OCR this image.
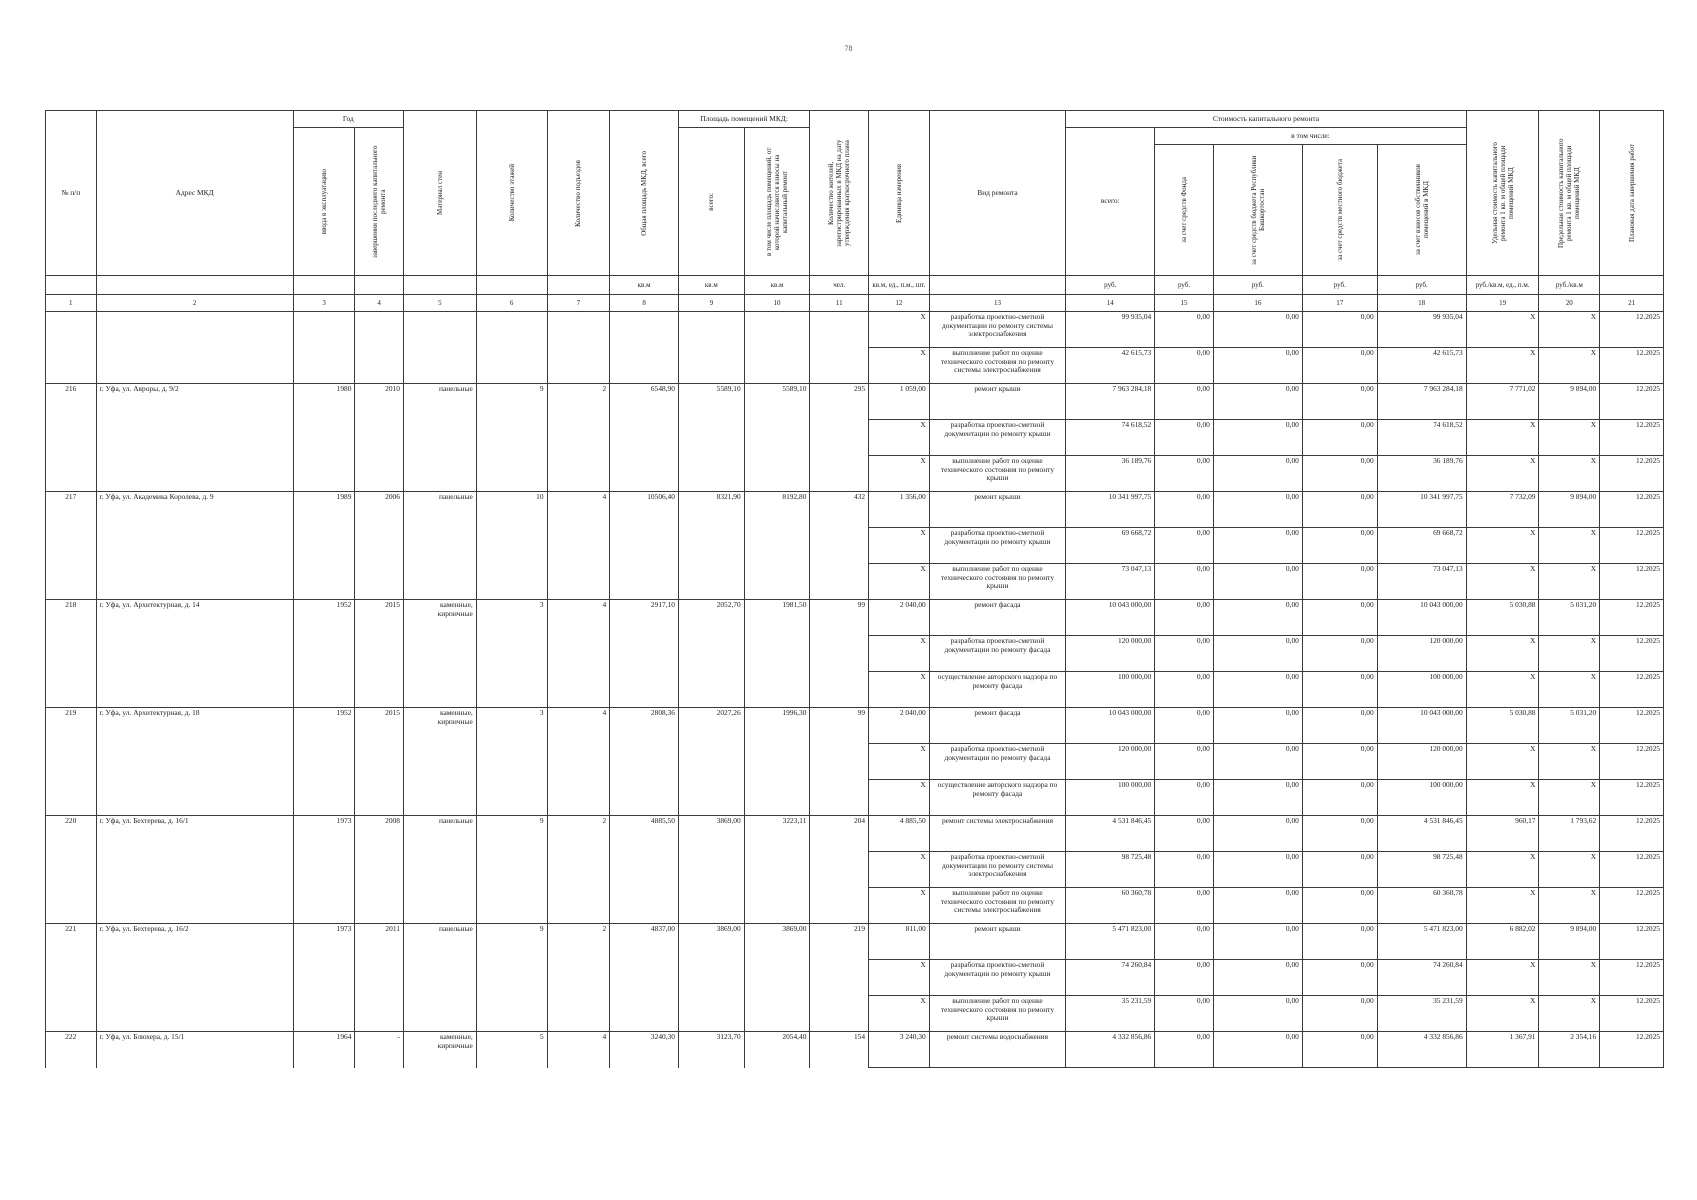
78
№ п/п	Адрес МКД	Год		Материал стен	Количество этажей	Количество подъездов	Общая площадь МКД, всего	Площадь помещений МКД:		Количество жителей, зарегистрированных в МКД на дату утверждения краткосрочного плана	Единица измерения	Вид ремонта	Стоимость капитального ремонта					Удельная стоимость капитального ремонта 1 кв. м общей площади помещений МКД	Предельная стоимость капитального ремонта 1 кв. м общей площади помещений МКД	Плановая дата завершения работ

		ввода в эксплуатацию	завершения последнего капитального ремонта					всего:	в том числе площадь помещений, от которой начисляются взносы на капитальный ремонт				всего:	в том числе:						

														за счет средств Фонда	за счет средств бюджета Республики Башкортостан	за счет средств местного бюджета	за счет взносов собственников помещений в МКД			

							кв.м	кв.м	кв.м	чел.	кв.м, ед., п.м., шт.		руб.	руб.	руб.	руб.	руб.	руб./кв.м, ед., п.м.	руб./кв.м	
1	2	3	4	5	6	7	8	9	10	11	12	13	14	15	16	17	18	19	20	21
											X	разработка проектно-сметной документации по ремонту системы электроснабжения	99 935,04	0,00	0,00	0,00	99 935,04	X	X	12.2025
											X	выполнение работ по оценке технического состояния по ремонту системы электроснабжения	42 615,73	0,00	0,00	0,00	42 615,73	X	X	12.2025
216	г. Уфа, ул. Авроры, д. 9/2	1980	2010	панельные	9	2	6548,90	5589,10	5589,10	295	1 059,00	ремонт крыши	7 963 284,18	0,00	0,00	0,00	7 963 284,18	7 771,02	9 894,00	12.2025
											X	разработка проектно-сметной документации по ремонту крыши	74 618,52	0,00	0,00	0,00	74 618,52	X	X	12.2025
											X	выполнение работ по оценке технического состояния по ремонту крыши	36 189,76	0,00	0,00	0,00	36 189,76	X	X	12.2025
217	г. Уфа, ул. Академика Королева, д. 9	1989	2006	панельные	10	4	10506,40	8321,90	8192,80	432	1 356,00	ремонт крыши	10 341 997,75	0,00	0,00	0,00	10 341 997,75	7 732,09	9 894,00	12.2025
											X	разработка проектно-сметной документации по ремонту крыши	69 668,72	0,00	0,00	0,00	69 668,72	X	X	12.2025
											X	выполнение работ по оценке технического состояния по ремонту крыши	73 047,13	0,00	0,00	0,00	73 047,13	X	X	12.2025
218	г. Уфа, ул. Архитектурная, д. 14	1952	2015	каменные, кирпичные	3	4	2917,10	2052,70	1981,50	99	2 040,00	ремонт фасада	10 043 000,00	0,00	0,00	0,00	10 043 000,00	5 030,88	5 031,20	12.2025
											X	разработка проектно-сметной документации по ремонту фасада	120 000,00	0,00	0,00	0,00	120 000,00	X	X	12.2025
											X	осуществление авторского надзора по ремонту фасада	100 000,00	0,00	0,00	0,00	100 000,00	X	X	12.2025
219	г. Уфа, ул. Архитектурная, д. 18	1952	2015	каменные, кирпичные	3	4	2808,36	2027,26	1996,30	99	2 040,00	ремонт фасада	10 043 000,00	0,00	0,00	0,00	10 043 000,00	5 030,88	5 031,20	12.2025
											X	разработка проектно-сметной документации по ремонту фасада	120 000,00	0,00	0,00	0,00	120 000,00	X	X	12.2025
											X	осуществление авторского надзора по ремонту фасада	100 000,00	0,00	0,00	0,00	100 000,00	X	X	12.2025
220	г. Уфа, ул. Бехтерева, д. 16/1	1973	2008	панельные	9	2	4885,50	3869,00	3223,11	204	4 885,50	ремонт системы электроснабжения	4 531 846,45	0,00	0,00	0,00	4 531 846,45	960,17	1 793,62	12.2025
											X	разработка проектно-сметной документации по ремонту системы электроснабжения	98 725,48	0,00	0,00	0,00	98 725,48	X	X	12.2025
											X	выполнение работ по оценке технического состояния по ремонту системы электроснабжения	60 360,78	0,00	0,00	0,00	60 360,78	X	X	12.2025
221	г. Уфа, ул. Бехтерева, д. 16/2	1973	2011	панельные	9	2	4837,00	3869,00	3869,00	219	811,00	ремонт крыши	5 471 823,00	0,00	0,00	0,00	5 471 823,00	6 882,02	9 894,00	12.2025
											X	разработка проектно-сметной документации по ремонту крыши	74 260,84	0,00	0,00	0,00	74 260,84	X	X	12.2025
											X	выполнение работ по оценке технического состояния по ремонту крыши	35 231,59	0,00	0,00	0,00	35 231,59	X	X	12.2025
222	г. Уфа, ул. Блюхера, д. 15/1	1964	-	каменные, кирпичные	5	4	3240,30	3123,70	2054,40	154	3 240,30	ремонт системы водоснабжения	4 332 856,86	0,00	0,00	0,00	4 332 856,86	1 367,91	2 354,16	12.2025
